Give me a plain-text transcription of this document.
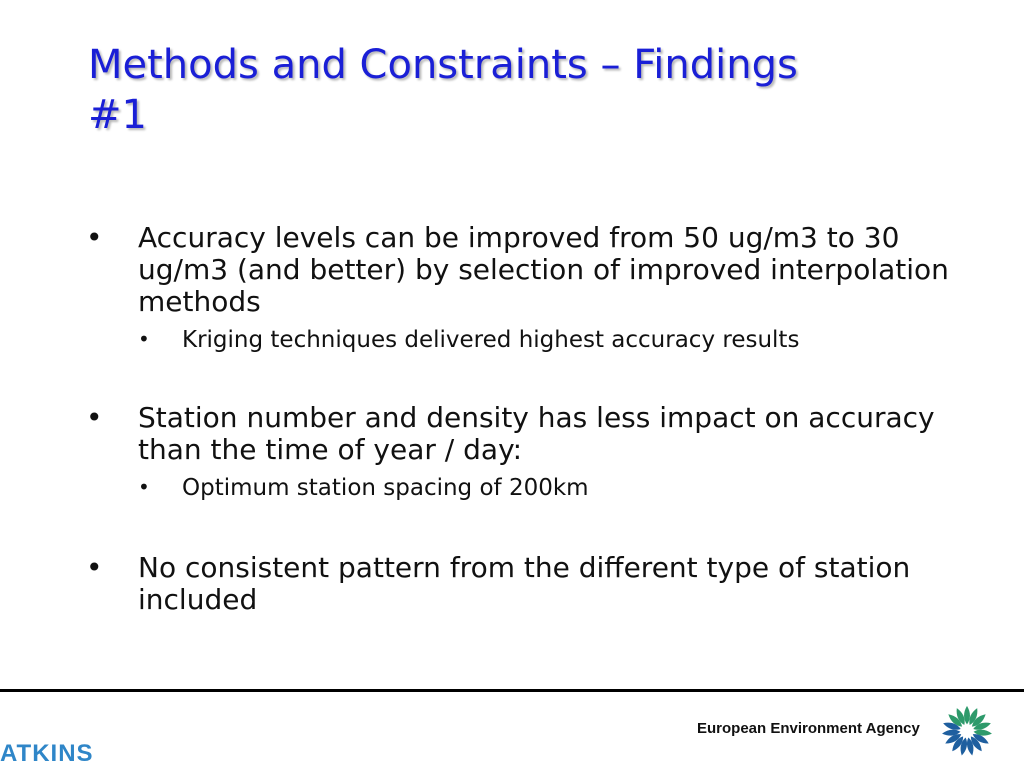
Methods and Constraints – Findings
#1
• Accuracy levels can be improved from 50 ug/m3 to 30 ug/m3 (and better) by selection of improved interpolation methods
• Kriging techniques delivered highest accuracy results
• Station number and density has less impact on accuracy than the time of year / day:
• Optimum station spacing of 200km
• No consistent pattern from the different type of station included
ATKINS
European Environment Agency
